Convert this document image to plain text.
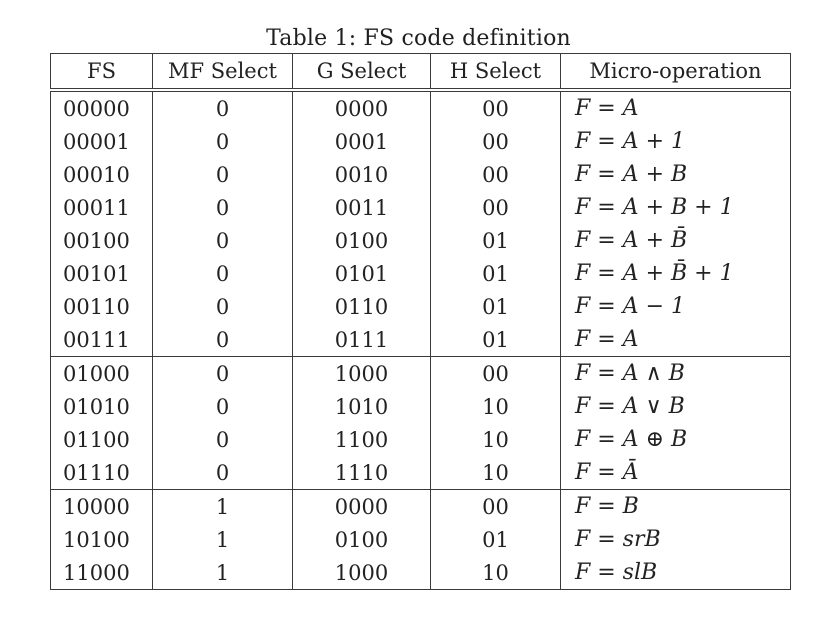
Table 1: FS code definition
FS	MF Select	G Select	H Select	Micro-operation
00000	0	0000	00	F = A
00001	0	0001	00	F = A + 1
00010	0	0010	00	F = A + B
00011	0	0011	00	F = A + B + 1
00100	0	0100	01	F = A + B̄
00101	0	0101	01	F = A + B̄ + 1
00110	0	0110	01	F = A − 1
00111	0	0111	01	F = A
01000	0	1000	00	F = A ∧ B
01010	0	1010	10	F = A ∨ B
01100	0	1100	10	F = A ⊕ B
01110	0	1110	10	F = Ā
10000	1	0000	00	F = B
10100	1	0100	01	F = srB
11000	1	1000	10	F = slB
